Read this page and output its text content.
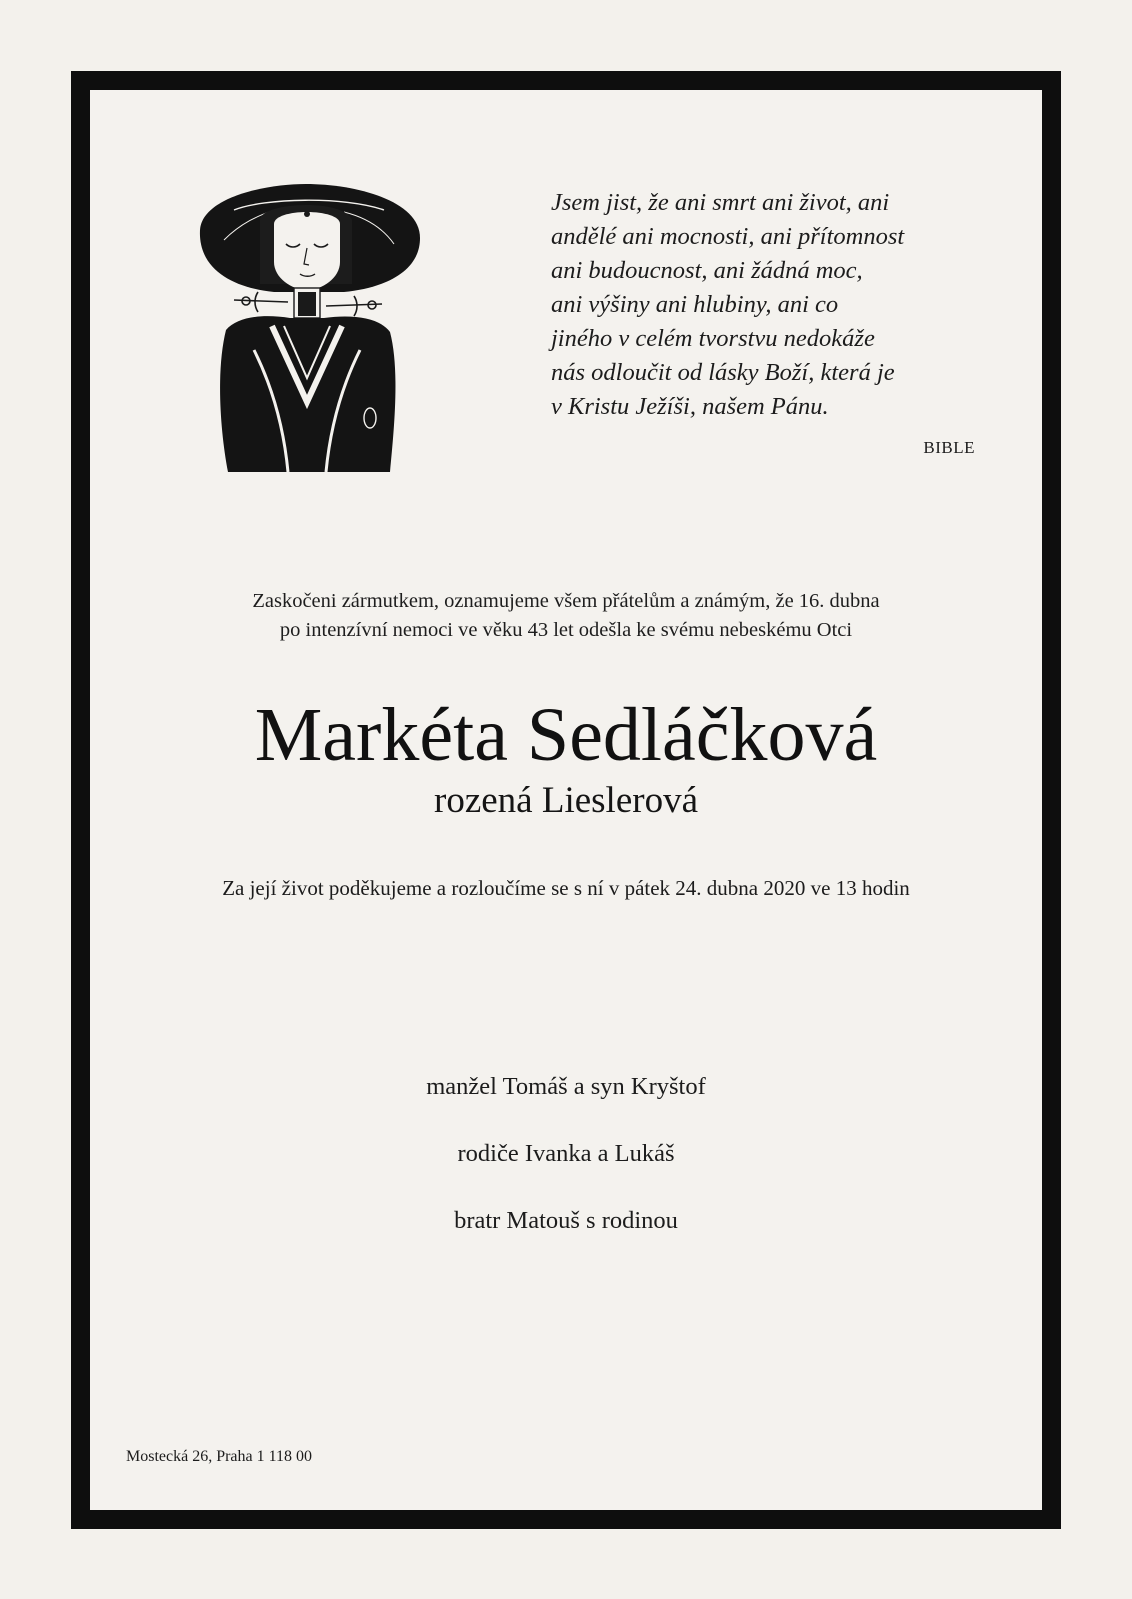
Jsem jist, že ani smrt ani život, ani
andělé ani mocnosti, ani přítomnost
ani budoucnost, ani žádná moc,
ani výšiny ani hlubiny, ani co
jiného v celém tvorstvu nedokáže
nás odloučit od lásky Boží, která je
v Kristu Ježíši, našem Pánu.
BIBLE
Zaskočeni zármutkem, oznamujeme všem přátelům a známým, že 16. dubna
po intenzívní nemoci ve věku 43 let odešla ke svému nebeskému Otci
Markéta Sedláčková
rozená Lieslerová
Za její život poděkujeme a rozloučíme se s ní v pátek 24. dubna 2020 ve 13 hodin
manžel Tomáš a syn Kryštof
rodiče Ivanka a Lukáš
bratr Matouš s rodinou
Mostecká 26, Praha 1 118 00
